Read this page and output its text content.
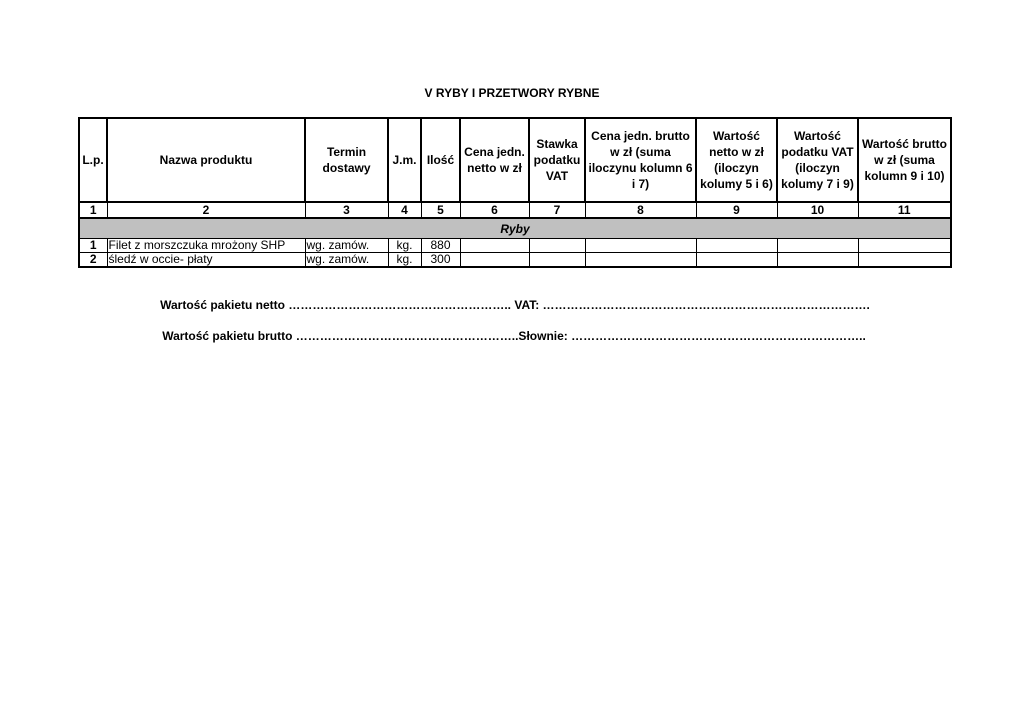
V RYBY I PRZETWORY RYBNE
L.p.	Nazwa produktu	Termin dostawy	J.m.	Ilość	Cena jedn. netto w zł	Stawka podatku VAT	Cena jedn. brutto w zł (suma iloczynu kolumn 6 i 7)	Wartość netto w zł (iloczyn kolumy 5 i 6)	Wartość podatku VAT (iloczyn kolumy 7 i 9)	Wartość brutto w zł (suma kolumn 9 i 10)
1	2	3	4	5	6	7	8	9	10	11
Ryby										
1	Filet z morszczuka mrożony SHP	wg. zamów.	kg.	880						
2	śledź w occie- płaty	wg. zamów.	kg.	300						
Wartość pakietu netto ……………………………………………….. VAT: ……………………………………………………………………….
Wartość pakietu brutto ………………………………………………..Słownie: ………………………………………………………………..
